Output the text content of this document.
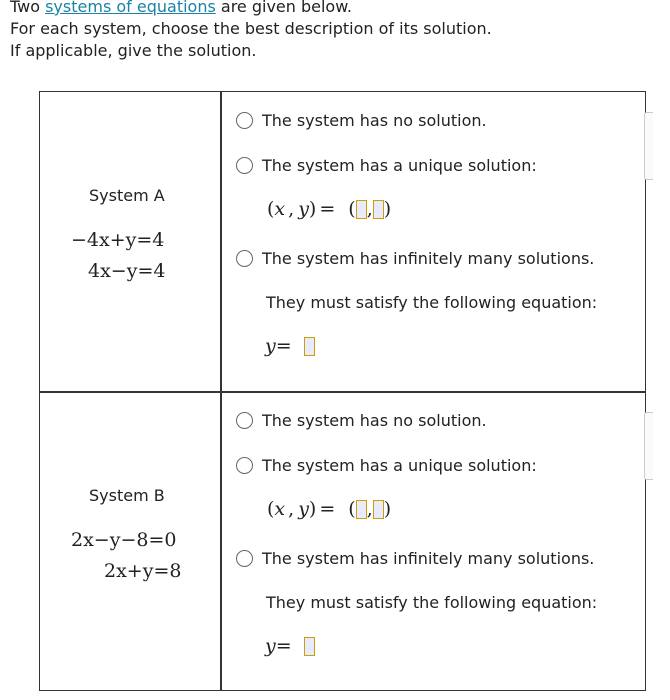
Two systems of equations are given below.
For each system, choose the best description of its solution.
If applicable, give the solution.
System A
−4x+y=4
4x−y=4
The system has no solution.
The system has a unique solution:
( x , y ) = ( , )
The system has infinitely many solutions.
They must satisfy the following equation:
y=
System B
2x−y−8=0
2x+y=8
The system has no solution.
The system has a unique solution:
( x , y ) = ( , )
The system has infinitely many solutions.
They must satisfy the following equation:
y=
